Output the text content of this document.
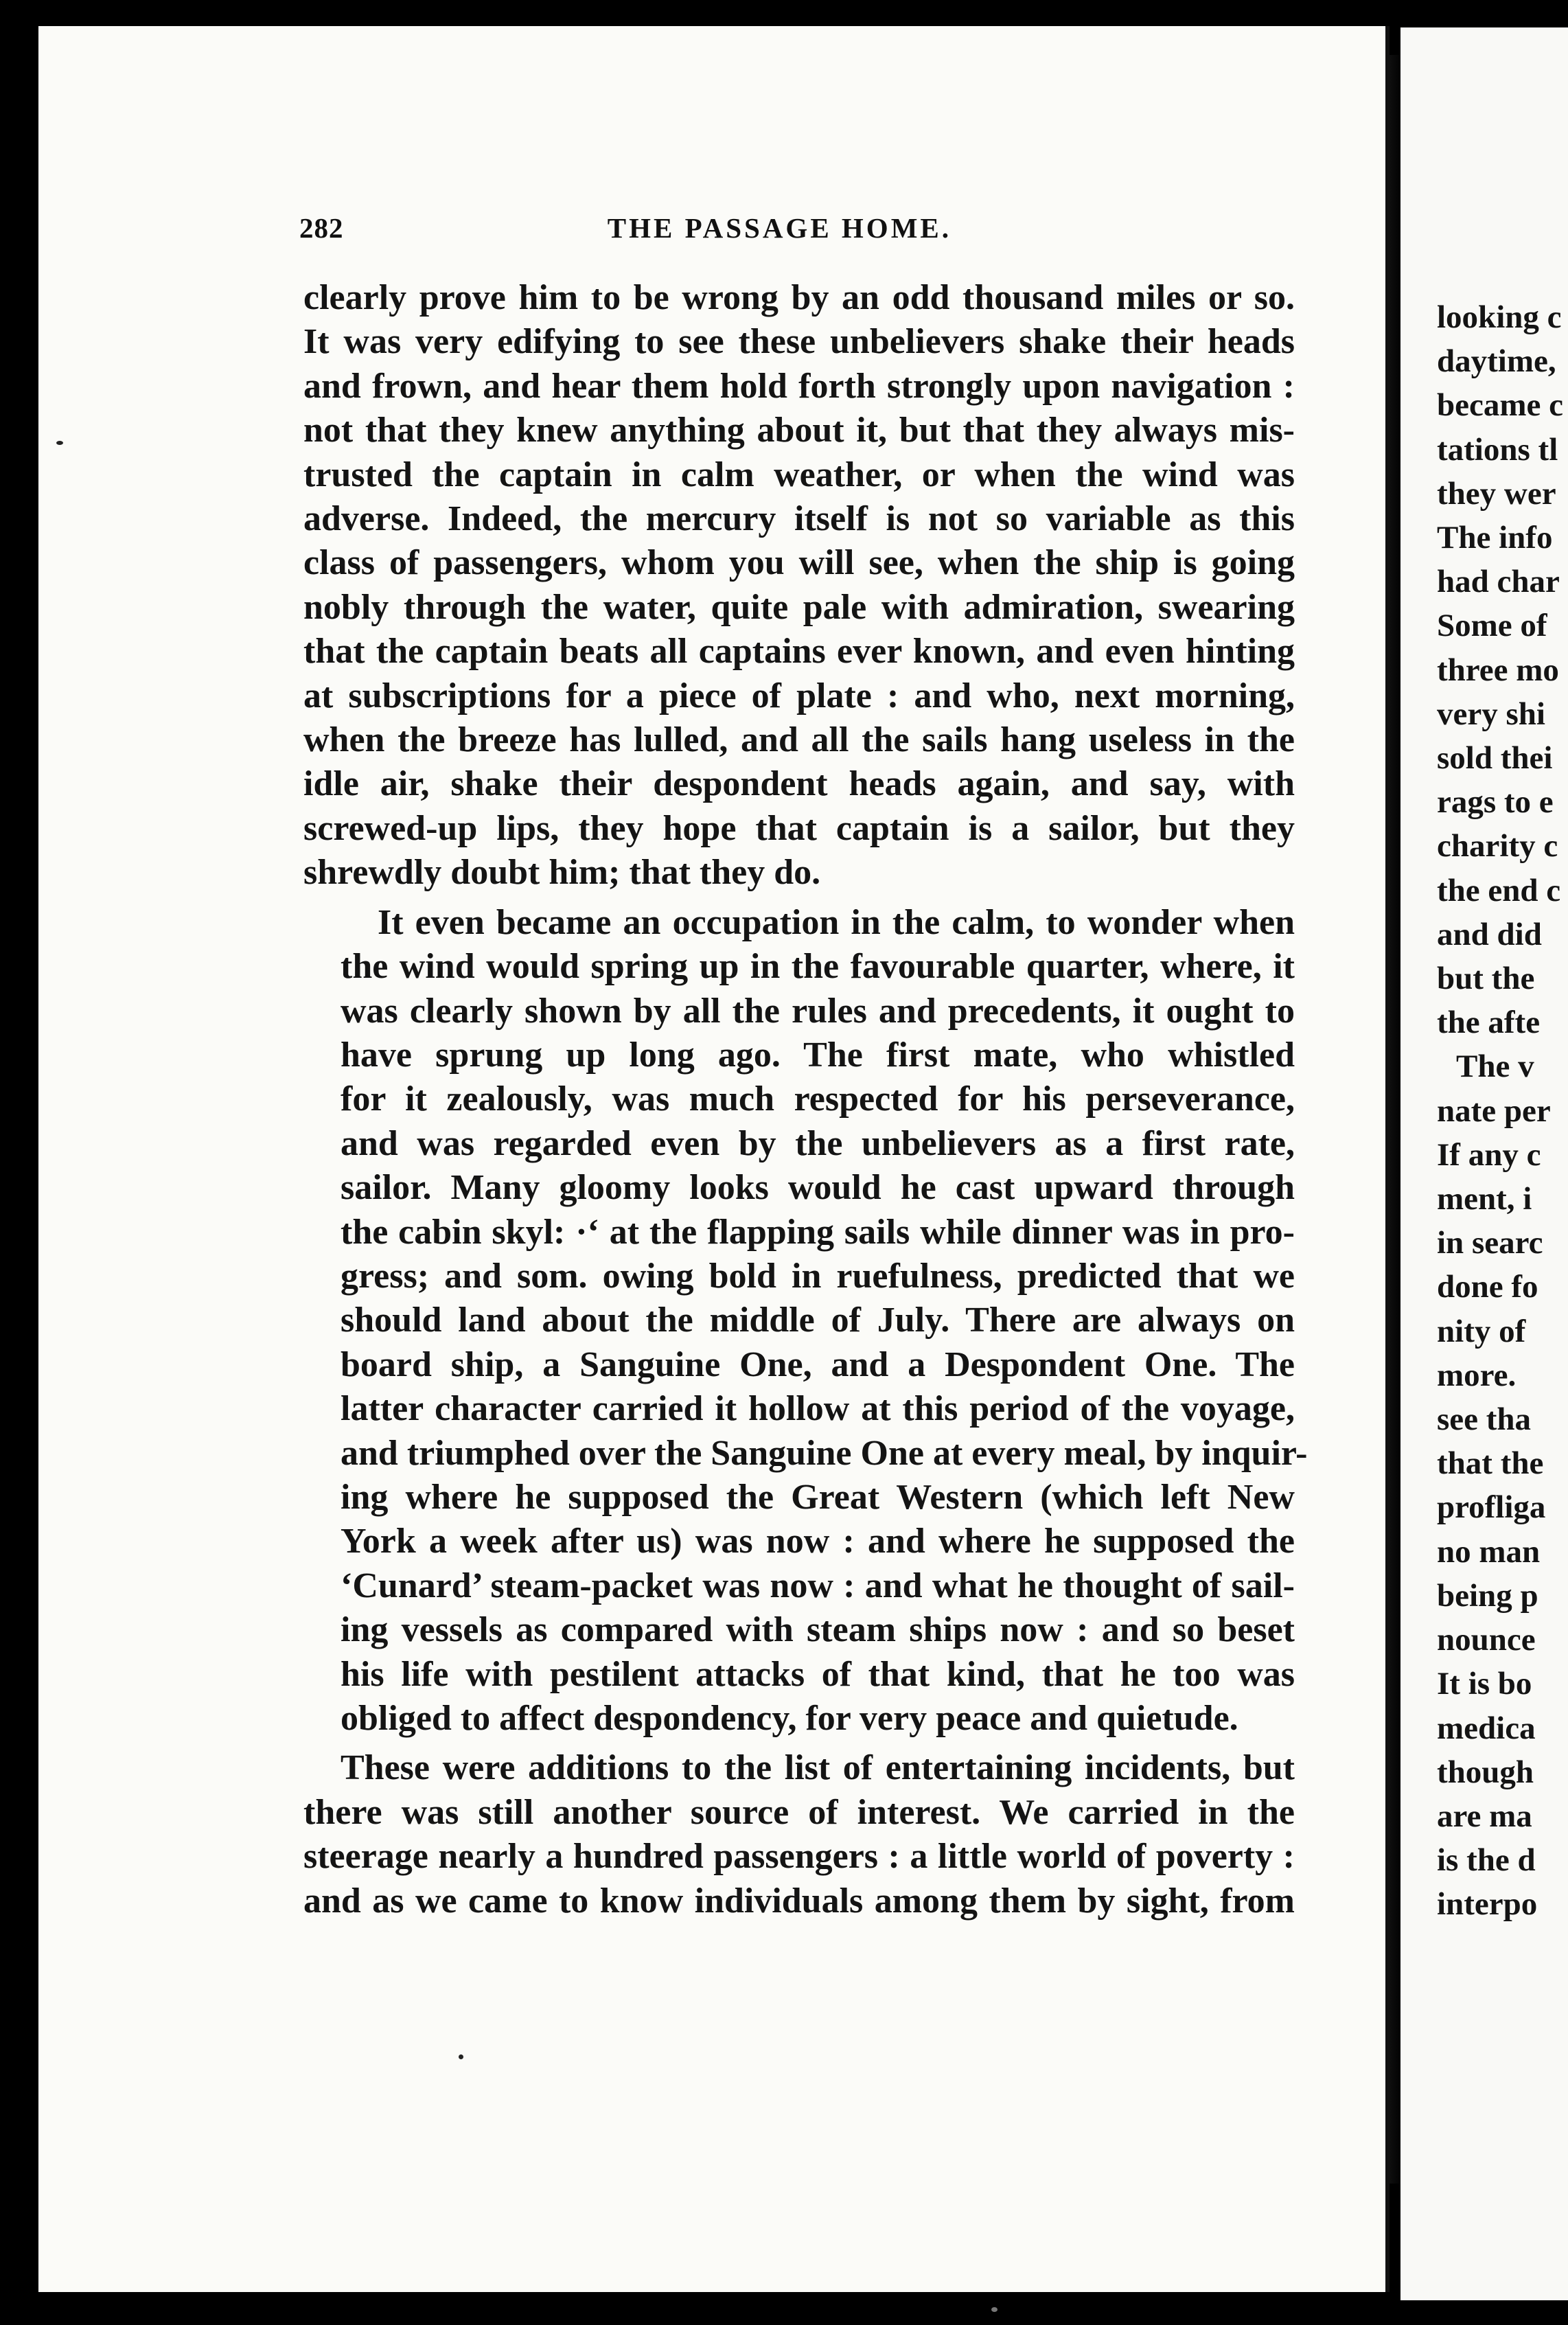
282	THE PASSAGE HOME.

clearly prove him to be wrong by an odd thousand miles or so.
It was very edifying to see these unbelievers shake their heads
and frown, and hear them hold forth strongly upon navigation :
not that they knew anything about it, but that they always mis-
trusted the captain in calm weather, or when the wind was
adverse. Indeed, the mercury itself is not so variable as this
class of passengers, whom you will see, when the ship is going
nobly through the water, quite pale with admiration, swearing
that the captain beats all captains ever known, and even hinting
at subscriptions for a piece of plate : and who, next morning,
when the breeze has lulled, and all the sails hang useless in the
idle air, shake their despondent heads again, and say, with
screwed-up lips, they hope that captain is a sailor, but they
shrewdly doubt him; that they do.

It even became an occupation in the calm, to wonder when
the wind would spring up in the favourable quarter, where, it
was clearly shown by all the rules and precedents, it ought to
have sprung up long ago. The first mate, who whistled
for it zealously, was much respected for his perseverance,
and was regarded even by the unbelievers as a first rate,
sailor. Many gloomy looks would he cast upward through
the cabin skyl: ·‘ at the flapping sails while dinner was in pro-
gress; and som. owing bold in ruefulness, predicted that we
should land about the middle of July. There are always on
board ship, a Sanguine One, and a Despondent One. The
latter character carried it hollow at this period of the voyage,
and triumphed over the Sanguine One at every meal, by inquir-
ing where he supposed the Great Western (which left New
York a week after us) was now : and where he supposed the
‘Cunard’ steam-packet was now : and what he thought of sail-
ing vessels as compared with steam ships now : and so beset
his life with pestilent attacks of that kind, that he too was
obliged to affect despondency, for very peace and quietude.

These were additions to the list of entertaining incidents, but
there was still another source of interest. We carried in the
steerage nearly a hundred passengers : a little world of poverty :
and as we came to know individuals among them by sight, from

looking c
daytime,
became c
tations tl
they wer
The info
had char
Some of
three mo
very shi
sold thei
rags to e
charity c
the end c
and did
but the
the afte
The v
nate per
If any c
ment, i
in searc
done fo
nity of
more.
see tha
that the
profliga
no man
being p
nounce
It is bo
medica
though
are ma
is the d
interpo
